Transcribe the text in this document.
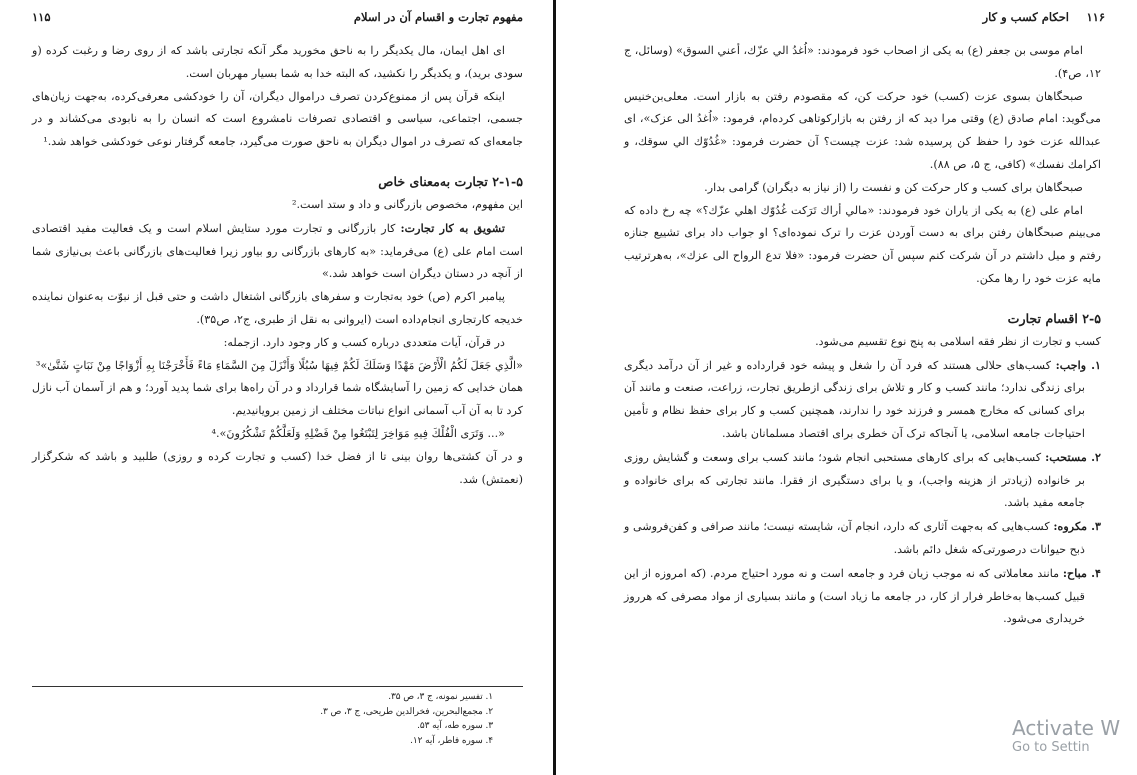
مفهوم تجارت و اقسام آن در اسلام
۱۱۵

ای اهل ایمان، مال یکدیگر را به ناحق مخورید مگر آنکه تجارتی باشد که از روی رضا و رغبت کرده (و سودی برید)، و یکدیگر را نکشید، که البته خدا به شما بسیار مهربان است.

اینکه قرآن پس از ممنوع‌کردن تصرف دراموال دیگران، آن را خودکشی معرفی‌کرده، به‌جهت زیان‌های جسمی، اجتماعی، سیاسی و اقتصادی تصرفات نامشروع است که انسان را به نابودی می‌کشاند و در جامعه‌ای که تصرف در اموال دیگران به ناحق صورت می‌گیرد، جامعه گرفتار نوعی خودکشی خواهد شد.¹

۲-۱-۵ تجارت به‌معنای خاص

این مفهوم، مخصوص بازرگانی و داد و ستد است.²

تشویق به کار تجارت: کار بازرگانی و تجارت مورد ستایش اسلام است و یک فعالیت مفید اقتصادی است امام علی (ع) می‌فرماید: «به کارهای بازرگانی رو بیاور زیرا فعالیت‌های بازرگانی باعث بی‌نیازی شما از آنچه در دستان دیگران است خواهد شد.»

پیامبر اکرم (ص) خود به‌تجارت و سفرهای بازرگانی اشتغال داشت و حتی قبل از نبوّت به‌عنوان نماینده خدیجه کارتجاری انجام‌داده است (ایروانی به نقل از طبری، ج۲، ص۳۵).

در قرآن، آیات متعددی درباره کسب و کار وجود دارد. ازجمله:

«الَّذِي جَعَلَ لَكُمُ الْأَرْضَ مَهْدًا وَسَلَكَ لَكُمْ فِيهَا سُبُلًا وَأَنْزَلَ مِنَ السَّمَاءِ مَاءً فَأَخْرَجْنَا بِهِ أَزْوَاجًا مِنْ نَبَاتٍ شَتَّىٰ»³

همان خدایی که زمین را آسایشگاه شما قرارداد و در آن راه‌ها برای شما پدید آورد؛ و هم از آسمان آب نازل کرد تا به آن آب آسمانی انواع نباتات مختلف از زمین برویانیدیم.

«... وَتَرَى الْفُلْكَ فِيهِ مَوَاخِرَ لِتَبْتَغُوا مِنْ فَضْلِهِ وَلَعَلَّكُمْ تَشْكُرُونَ».⁴

و در آن کشتی‌ها روان بینی تا از فضل خدا (کسب و تجارت کرده و روزی) طلبید و باشد که شکرگزار (نعمتش) شد.

۱. تفسیر نمونه، ج ۳، ص ۳۵.
۲. مجمع‌البحرین، فخرالدین طریحی، ج ۳، ص ۳.
۳. سوره طه، آیه ۵۳.
۴. سوره فاطر، آیه ۱۲.
۱۱۶
احکام کسب و کار

امام موسی بن جعفر (ع) به یکی از اصحاب خود فرمودند: «اُغدُ الي عزّك، أعني السوق» (وسائل، ج ۱۲، ص۴).

صبحگاهان بسوی عزت (کسب) خود حرکت کن، که مقصودم رفتن به بازار است. معلی‌بن‌خنیس می‌گوید: امام صادق (ع) وقتی مرا دید که از رفتن به بازارکوتاهی کرده‌ام، فرمود: «اُغدُ الی عزک»، ای عبدالله عزت خود را حفظ کن پرسیده شد: عزت چیست؟ آن حضرت فرمود: «غُدُوّك الي سوقك، و اكرامك نفسك» (کافی، ج ۵، ص ۸۸).

صبحگاهان برای کسب و کار حرکت کن و نفست را (از نیاز به دیگران) گرامی بدار.

امام علی (ع) به یکی از یاران خود فرمودند: «مالي أراك تَرَكت غُدُوّك اهلي عزّك؟» چه رخ داده که می‌بینم صبحگاهان رفتن برای به دست آوردن عزت را ترک نموده‌ای؟ او جواب داد برای تشییع جنازه رفتم و میل داشتم در آن شرکت کنم سپس آن حضرت فرمود: «فلا تدع الرواح الی عزك»، به‌هرترتیب مایه عزت خود را رها مکن.

۲-۵ اقسام تجارت

کسب و تجارت از نظر فقه اسلامی به پنج نوع تقسیم می‌شود.

۱. واجب: کسب‌های حلالی هستند که فرد آن را شغل و پیشه خود قرارداده و غیر از آن درآمد دیگری برای زندگی ندارد؛ مانند کسب و کار و تلاش برای زندگی ازطریق تجارت، زراعت، صنعت و مانند آن برای کسانی که مخارج همسر و فرزند خود را ندارند، همچنین کسب و کار برای حفظ نظام و تأمین احتیاجات جامعه اسلامی، یا آنجاکه ترک آن خطری برای اقتصاد مسلمانان باشد.

۲. مستحب: کسب‌هایی که برای کارهای مستحبی انجام شود؛ مانند کسب برای وسعت و گشایش روزی بر خانواده (زیادتر از هزینه واجب)، و یا برای دستگیری از فقرا. مانند تجارتی که برای خانواده و جامعه مفید باشد.

۳. مکروه: کسب‌هایی که به‌جهت آثاری که دارد، انجام آن، شایسته نیست؛ مانند صرافی و کفن‌فروشی و ذبح حیوانات درصورتی‌که شغل دائم باشد.

۴. مباح: مانند معاملاتی که نه موجب زیان فرد و جامعه است و نه مورد احتیاج مردم. (که امروزه از این قبیل کسب‌ها به‌خاطر فرار از کار، در جامعه ما زیاد است) و مانند بسیاری از مواد مصرفی که هرروز خریداری می‌شود.

Activate W
Go to Settin
